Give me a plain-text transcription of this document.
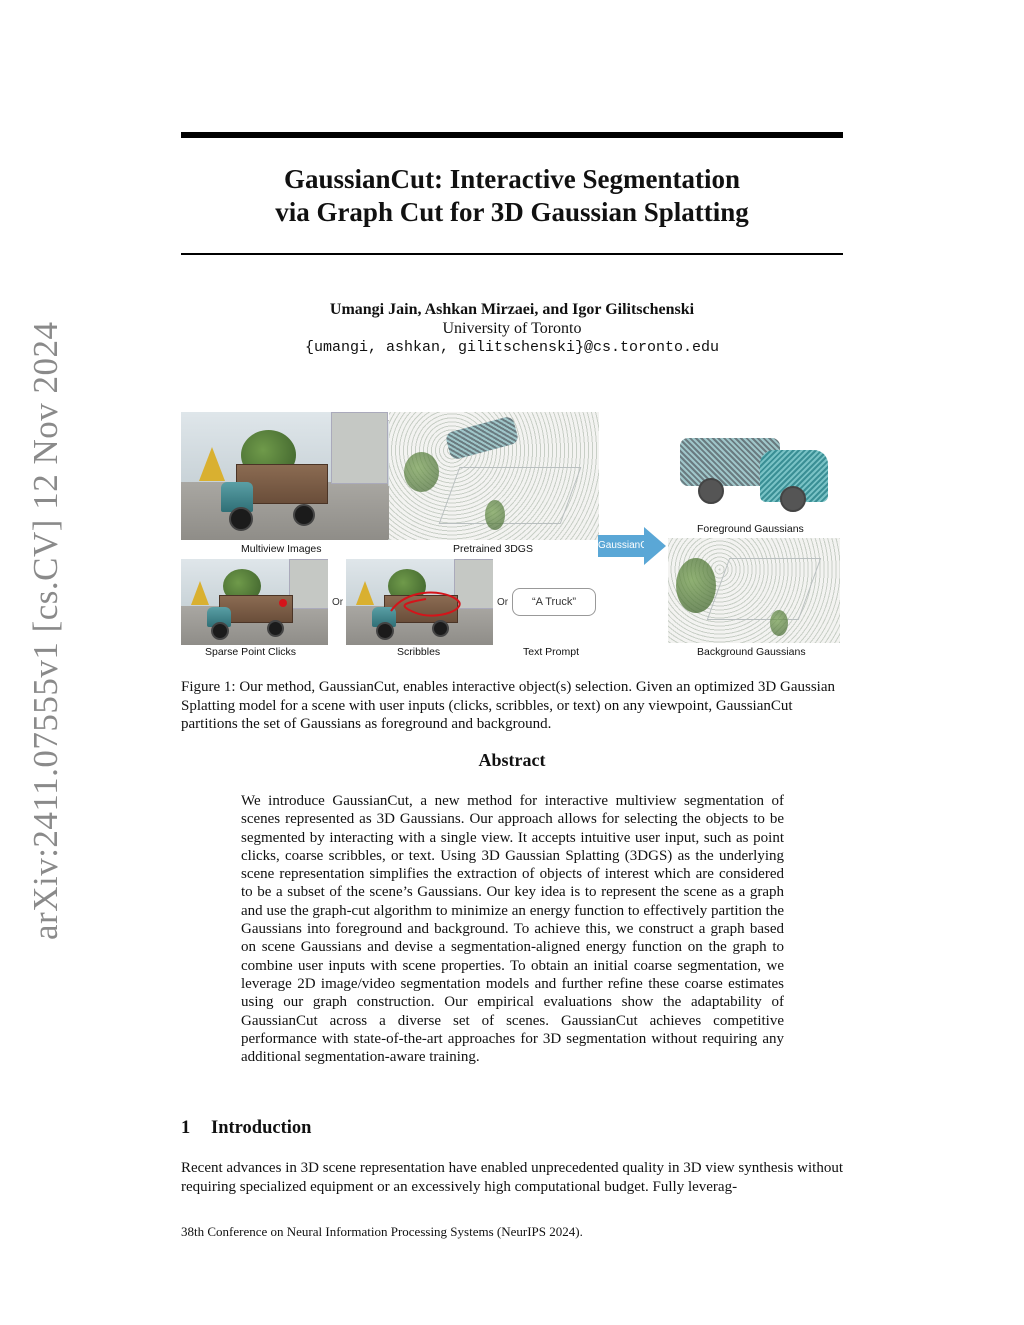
arXiv:2411.07555v1 [cs.CV] 12 Nov 2024
GaussianCut: Interactive Segmentation
via Graph Cut for 3D Gaussian Splatting
Umangi Jain, Ashkan Mirzaei, and Igor Gilitschenski
University of Toronto
{umangi, ashkan, gilitschenski}@cs.toronto.edu
Multiview Images	Pretrained 3DGS	GaussianCut
Foreground Gaussians
Background Gaussians
Or
Sparse Point Clicks
Or
Scribbles
“A Truck”
Text Prompt
Figure 1: Our method, GaussianCut, enables interactive object(s) selection. Given an optimized 3D Gaussian Splatting model for a scene with user inputs (clicks, scribbles, or text) on any viewpoint, GaussianCut partitions the set of Gaussians as foreground and background.
Abstract
We introduce GaussianCut, a new method for interactive multiview segmentation of scenes represented as 3D Gaussians. Our approach allows for selecting the objects to be segmented by interacting with a single view. It accepts intuitive user input, such as point clicks, coarse scribbles, or text. Using 3D Gaussian Splatting (3DGS) as the underlying scene representation simplifies the extraction of objects of interest which are considered to be a subset of the scene’s Gaussians. Our key idea is to represent the scene as a graph and use the graph-cut algorithm to minimize an energy function to effectively partition the Gaussians into foreground and background. To achieve this, we construct a graph based on scene Gaussians and devise a segmentation-aligned energy function on the graph to combine user inputs with scene properties. To obtain an initial coarse segmentation, we leverage 2D image/video segmentation models and further refine these coarse estimates using our graph construction. Our empirical evaluations show the adaptability of GaussianCut across a diverse set of scenes. GaussianCut achieves competitive performance with state-of-the-art approaches for 3D segmentation without requiring any additional segmentation-aware training.
1 Introduction
Recent advances in 3D scene representation have enabled unprecedented quality in 3D view synthesis without requiring specialized equipment or an excessively high computational budget. Fully leverag-
38th Conference on Neural Information Processing Systems (NeurIPS 2024).
